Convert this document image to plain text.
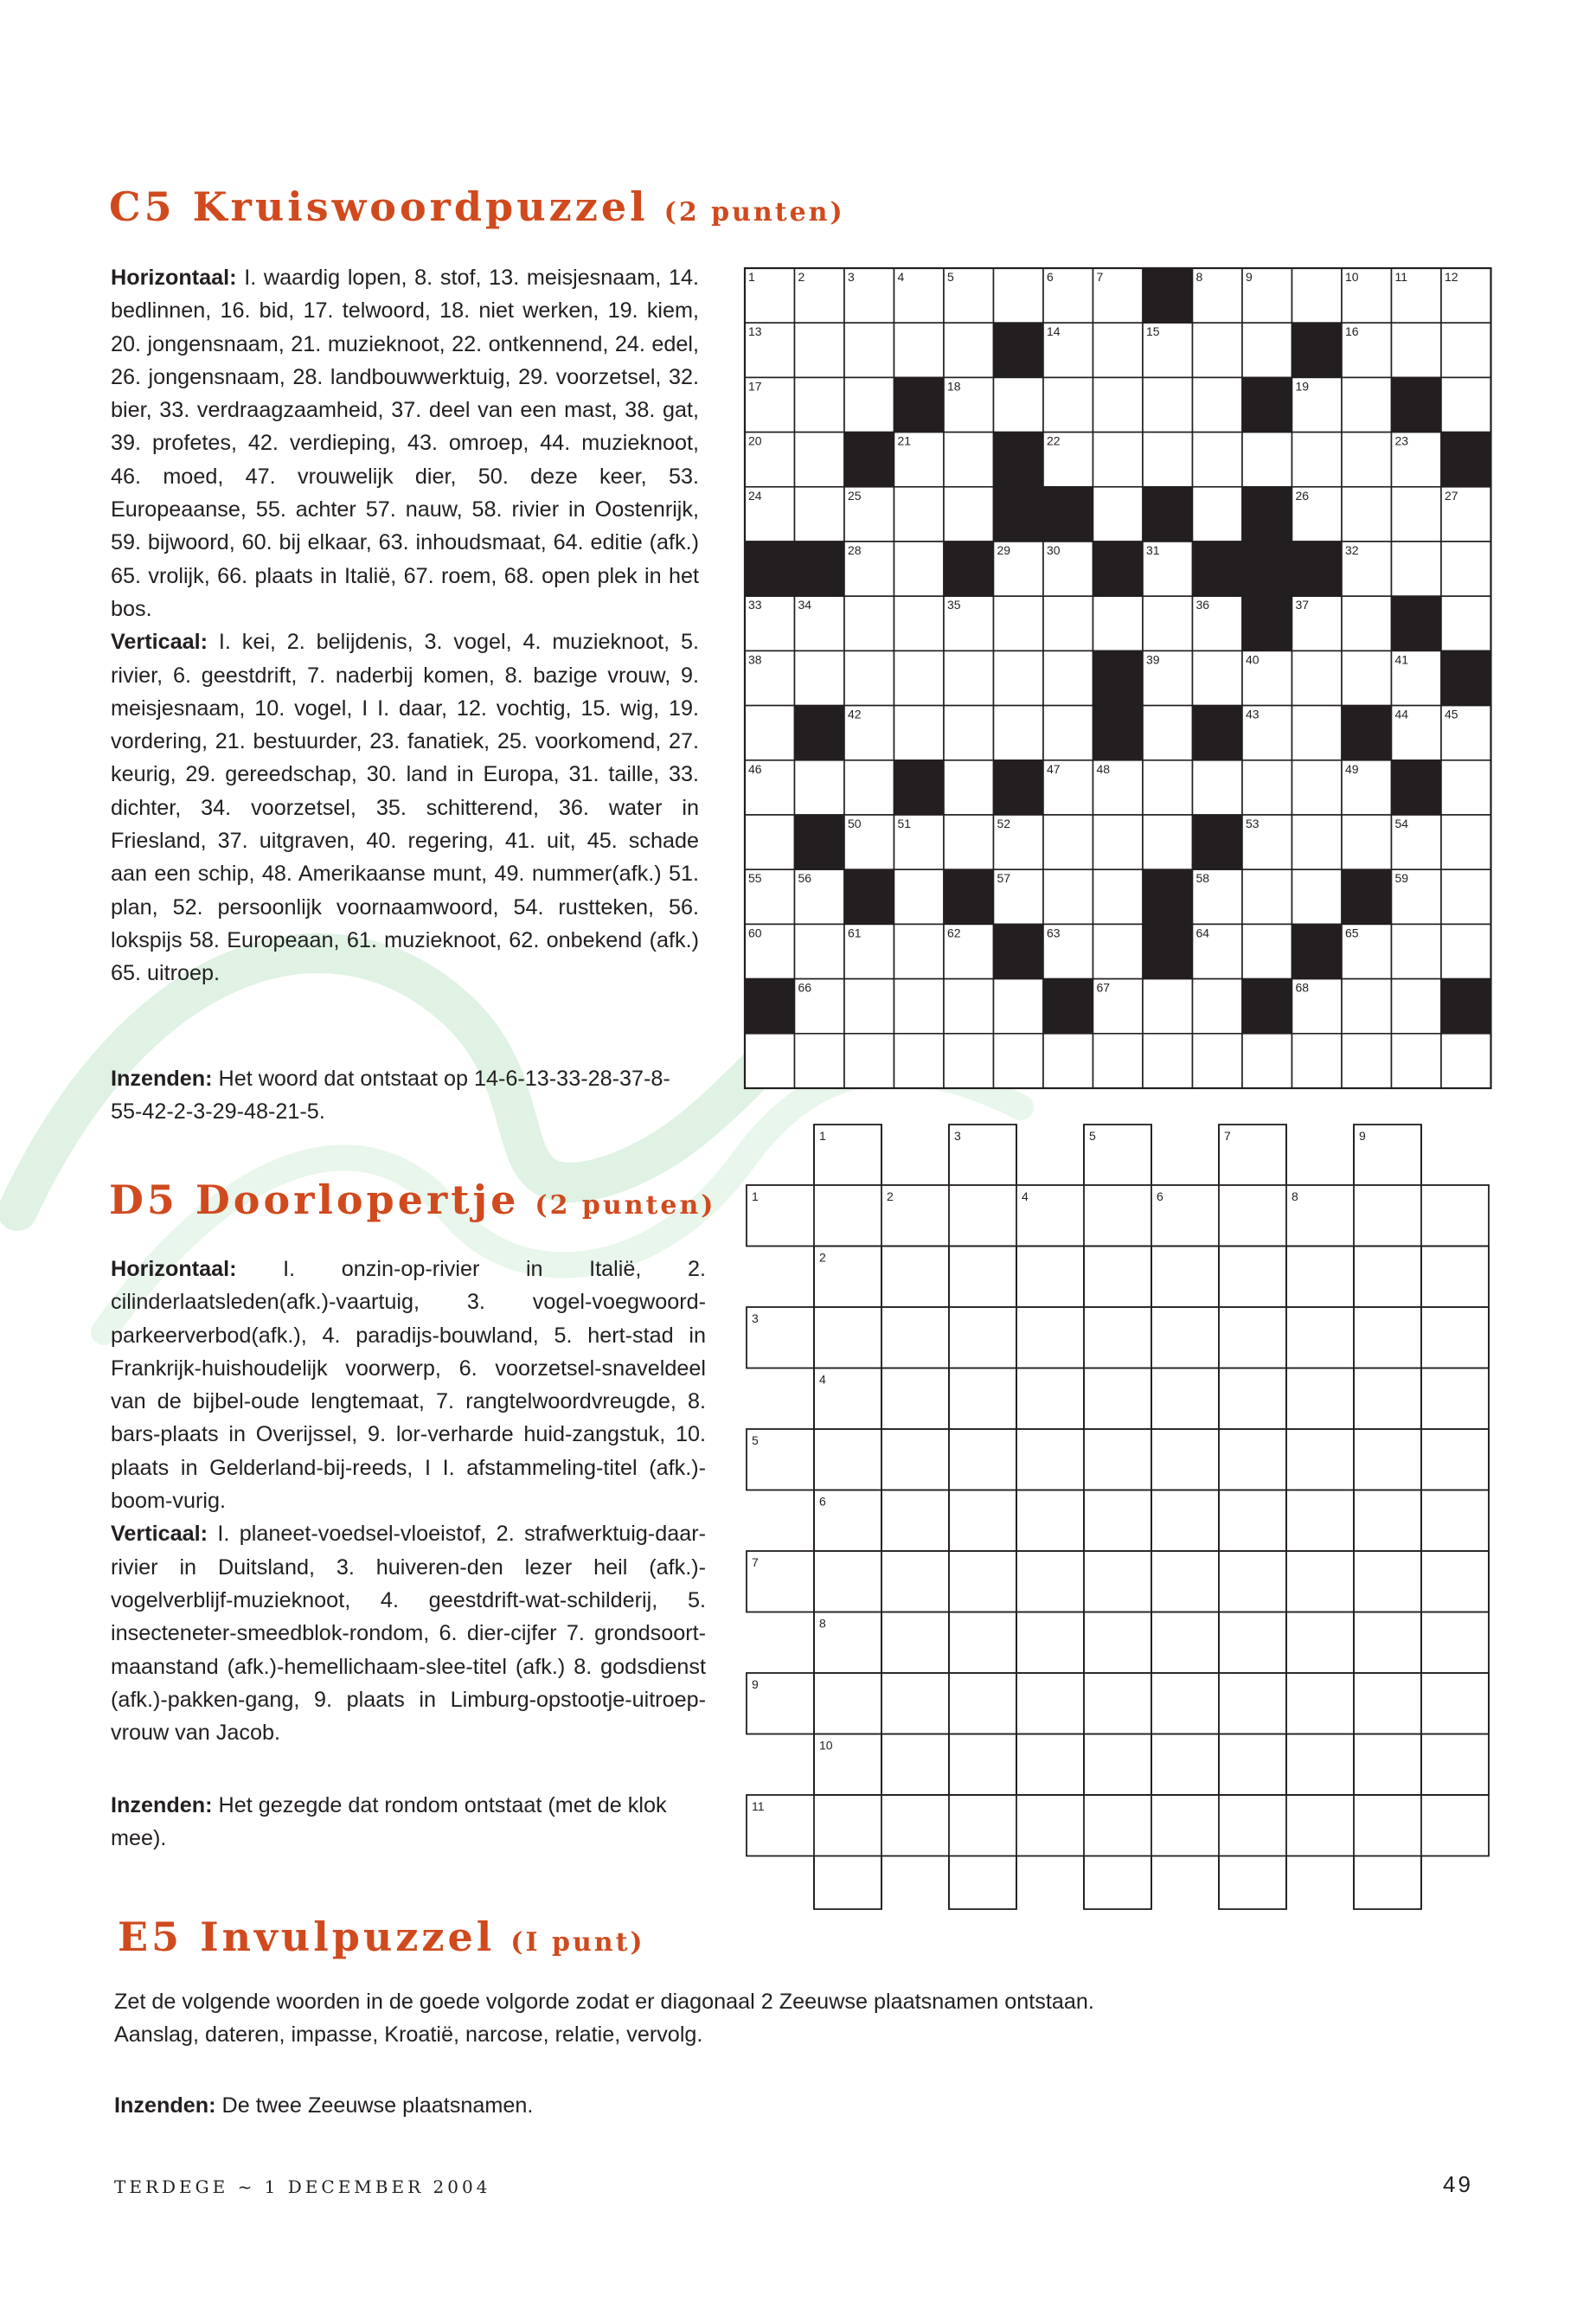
C5 Kruiswoordpuzzel (2 punten)

Horizontaal: I. waardig lopen, 8. stof, 13. meisjesnaam, 14. bedlinnen, 16. bid, 17. telwoord, 18. niet werken, 19. kiem, 20. jongensnaam, 21. muzieknoot, 22. ontkennend, 24. edel, 26. jongensnaam, 28. landbouwwerktuig, 29. voorzetsel, 32. bier, 33. verdraagzaamheid, 37. deel van een mast, 38. gat, 39. profetes, 42. verdieping, 43. omroep, 44. muzieknoot, 46. moed, 47. vrouwelijk dier, 50. deze keer, 53. Europeaanse, 55. achter 57. nauw, 58. rivier in Oostenrijk, 59. bijwoord, 60. bij elkaar, 63. inhoudsmaat, 64. editie (afk.) 65. vrolijk, 66. plaats in Italië, 67. roem, 68. open plek in het bos.

Verticaal: I. kei, 2. belijdenis, 3. vogel, 4. muzieknoot, 5. rivier, 6. geestdrift, 7. naderbij komen, 8. bazige vrouw, 9. meisjesnaam, 10. vogel, I I. daar, 12. vochtig, 15. wig, 19. vordering, 21. bestuurder, 23. fanatiek, 25. voorkomend, 27. keurig, 29. gereedschap, 30. land in Europa, 31. taille, 33. dichter, 34. voorzetsel, 35. schitterend, 36. water in Friesland, 37. uitgraven, 40. regering, 41. uit, 45. schade aan een schip, 48. Amerikaanse munt, 49. nummer(afk.) 51. plan, 52. persoonlijk voornaamwoord, 54. rustteken, 56. lokspijs 58. Europeaan, 61. muzieknoot, 62. onbekend (afk.) 65. uitroep.

Inzenden: Het woord dat ontstaat op 14-6-13-33-28-37-8-55-42-2-3-29-48-21-5.
D5 Doorlopertje (2 punten)

Horizontaal: I. onzin-op-rivier in Italië, 2. cilinderlaatsleden(afk.)-vaartuig, 3. vogel-voegwoord-parkeerverbod(afk.), 4. paradijs-bouwland, 5. hert-stad in Frankrijk-huishoudelijk voorwerp, 6. voorzetsel-snaveldeel van de bijbel-oude lengtemaat, 7. rangtelwoordvreugde, 8. bars-plaats in Overijssel, 9. lor-verharde huid-zangstuk, 10. plaats in Gelderland-bij-reeds, I I. afstammeling-titel (afk.)-boom-vurig.

Verticaal: I. planeet-voedsel-vloeistof, 2. strafwerktuig-daar-rivier in Duitsland, 3. huiveren-den lezer heil (afk.)-vogelverblijf-muzieknoot, 4. geestdrift-wat-schilderij, 5. insecteneter-smeedblok-rondom, 6. dier-cijfer 7. grondsoort-maanstand (afk.)-hemellichaam-slee-titel (afk.) 8. godsdienst (afk.)-pakken-gang, 9. plaats in Limburg-opstootje-uitroep-vrouw van Jacob.

Inzenden: Het gezegde dat rondom ontstaat (met de klok mee).
E5 Invulpuzzel (I punt)
Zet de volgende woorden in de goede volgorde zodat er diagonaal 2 Zeeuwse plaatsnamen ontstaan.
Aanslag, dateren, impasse, Kroatië, narcose, relatie, vervolg.
Inzenden: De twee Zeeuwse plaatsnamen.
1	2	3	4	5	6	7	8	9	10	11	12
13	14	15	16
17	18	19
20	21	22	23
24	25	26	27
28	29	30	31	32
33	34	35	36	37
38	39	40	41
42	43	44	45
46	47	48	49
50	51	52	53	54
55	56	57	58	59
60	61	62	63	64	65
66	67	68
1
2
3
4
5
6
7
8
9
10
11
1	3	5	7	9
2	4	6	8
TERDEGE ~ 1 DECEMBER 2004	49
